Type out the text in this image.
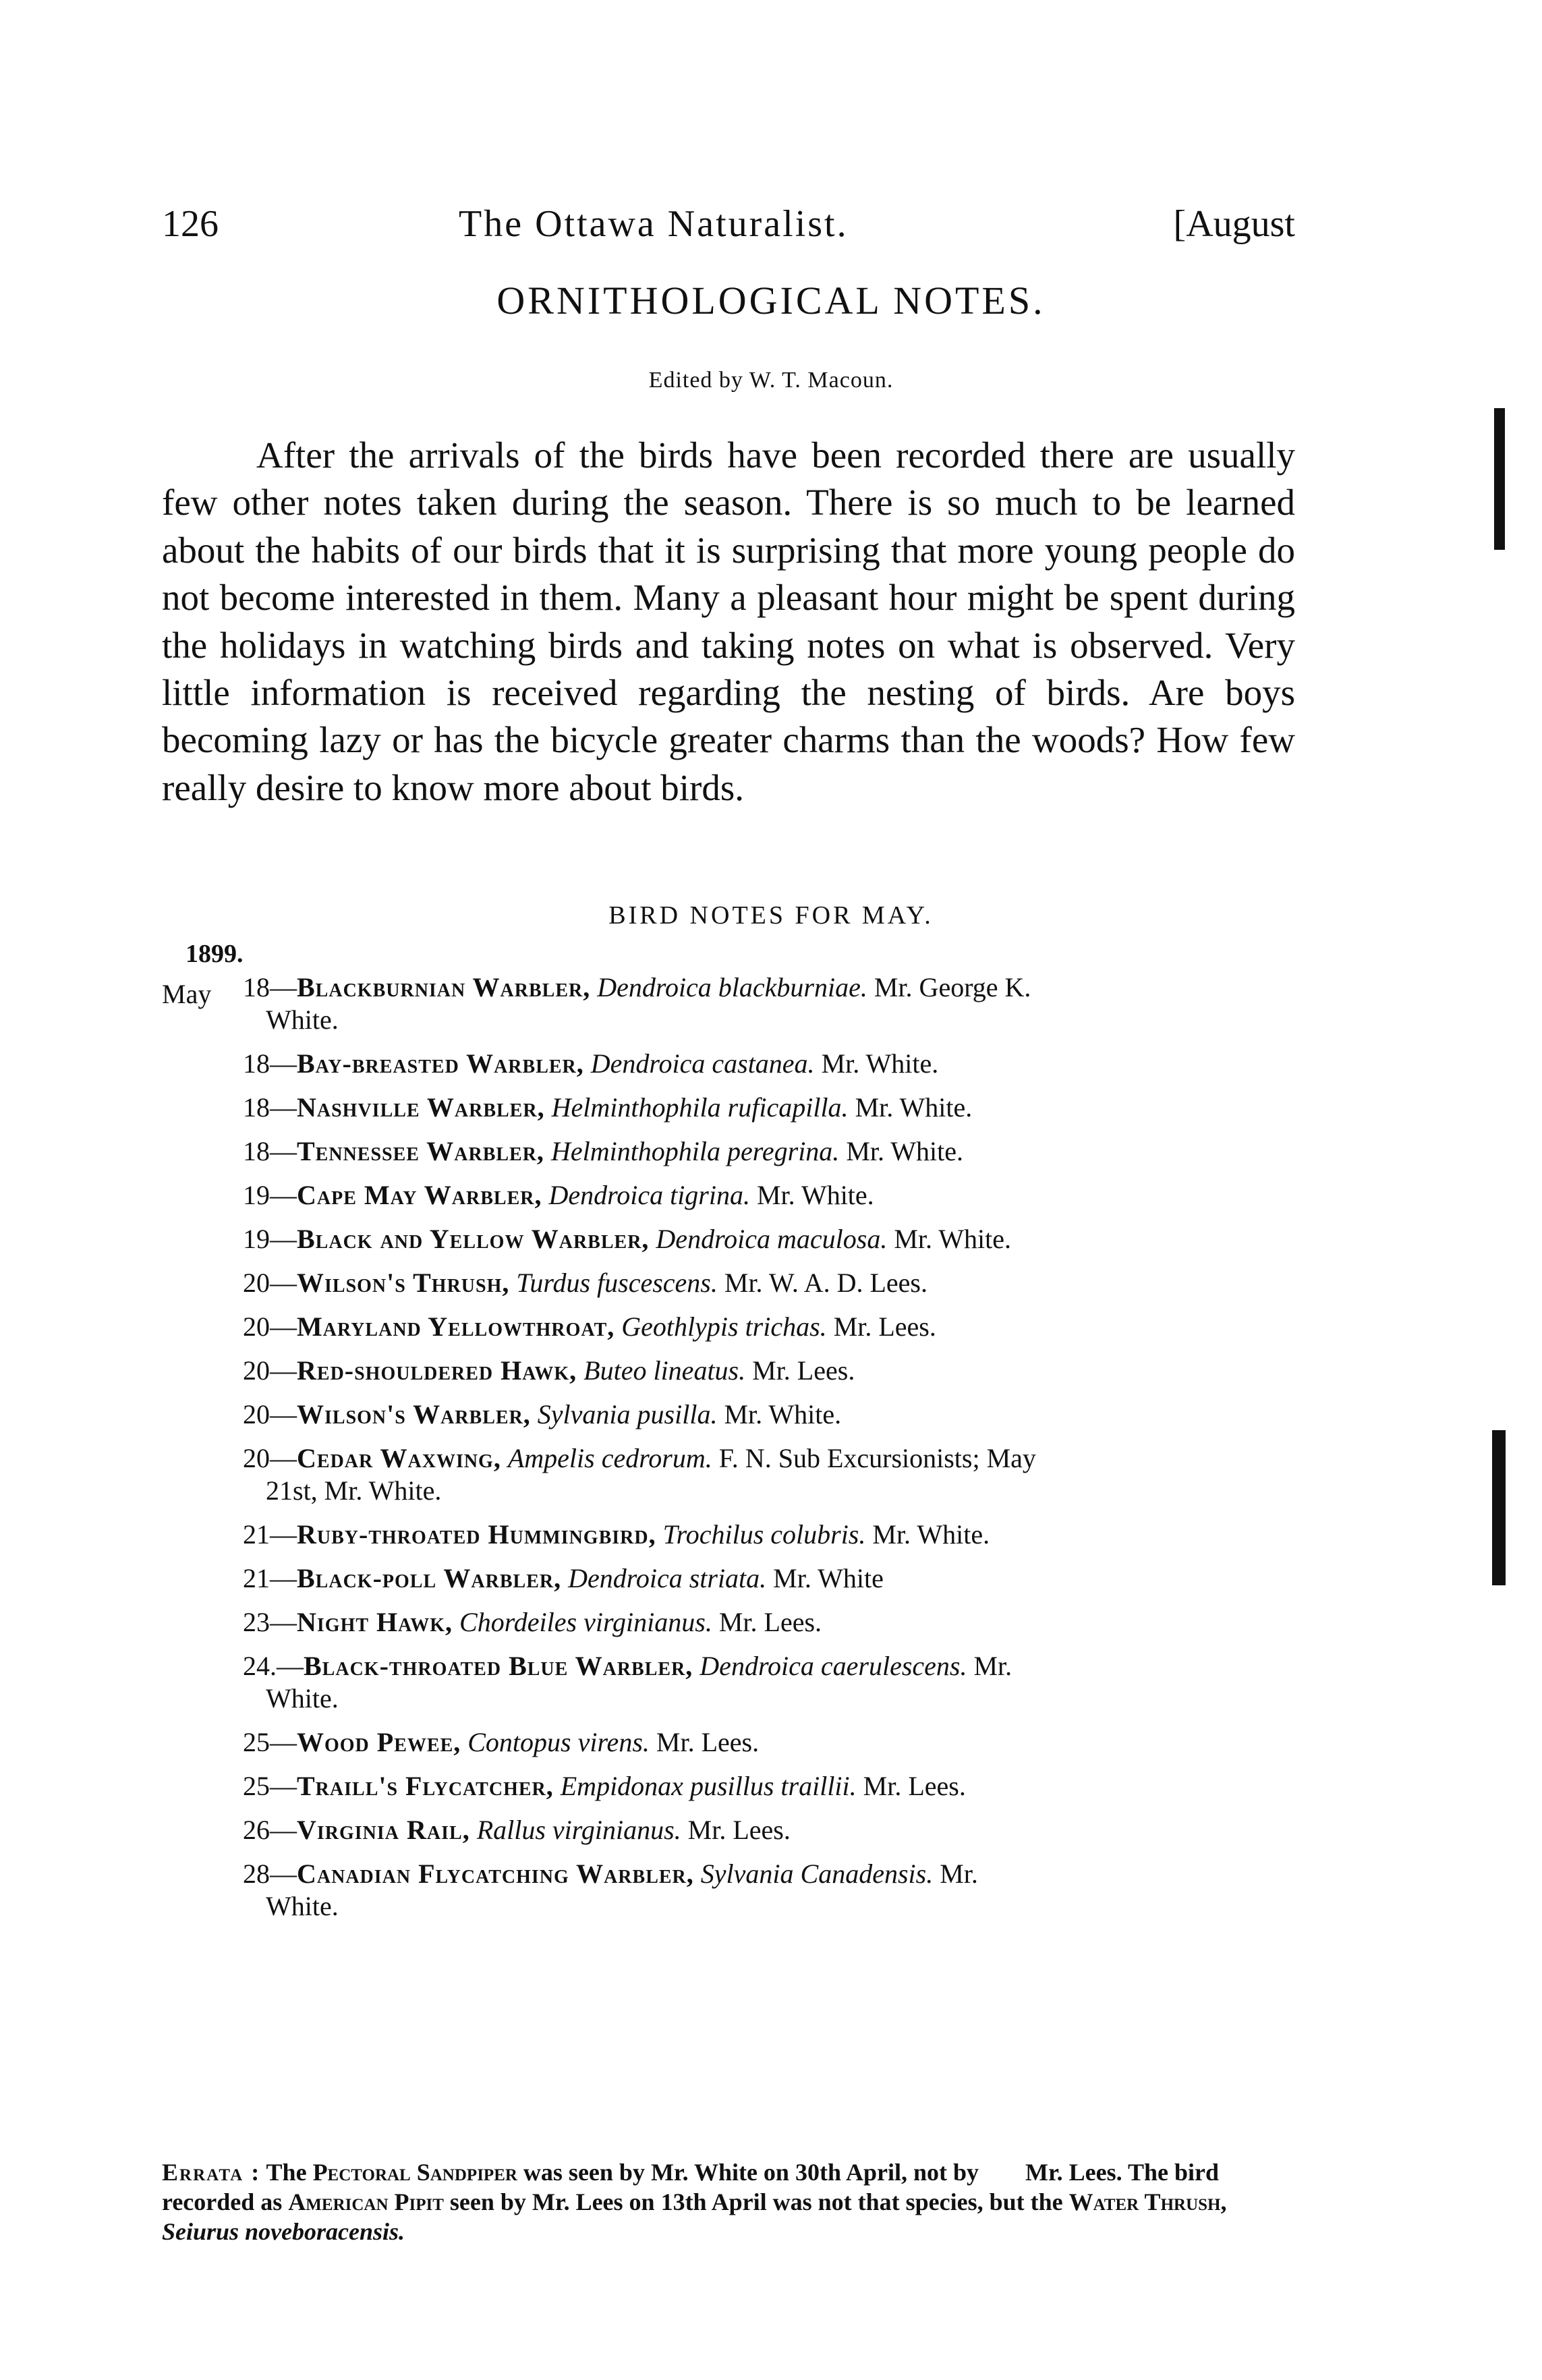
126	The Ottawa Naturalist.	[August
ORNITHOLOGICAL NOTES.
Edited by W. T. Macoun.

After the arrivals of the birds have been recorded there are usually few other notes taken during the season. There is so much to be learned about the habits of our birds that it is surprising that more young people do not become interested in them. Many a pleasant hour might be spent during the holidays in watching birds and taking notes on what is observed. Very little information is received regarding the nesting of birds. Are boys becoming lazy or has the bicycle greater charms than the woods? How few really desire to know more about birds.

BIRD NOTES FOR MAY.
1899.
May 18—Blackburnian Warbler, Dendroica blackburniae. Mr. George K.
White.
18—Bay-breasted Warbler, Dendroica castanea. Mr. White.
18—Nashville Warbler, Helminthophila ruficapilla. Mr. White.
18—Tennessee Warbler, Helminthophila peregrina. Mr. White.
19—Cape May Warbler, Dendroica tigrina. Mr. White.
19—Black and Yellow Warbler, Dendroica maculosa. Mr. White.
20—Wilson's Thrush, Turdus fuscescens. Mr. W. A. D. Lees.
20—Maryland Yellowthroat, Geothlypis trichas. Mr. Lees.
20—Red-shouldered Hawk, Buteo lineatus. Mr. Lees.
20—Wilson's Warbler, Sylvania pusilla. Mr. White.
20—Cedar Waxwing, Ampelis cedrorum. F. N. Sub Excursionists; May
21st, Mr. White.
21—Ruby-throated Hummingbird, Trochilus colubris. Mr. White.
21—Black-poll Warbler, Dendroica striata. Mr. White
23—Night Hawk, Chordeiles virginianus. Mr. Lees.
24.—Black-throated Blue Warbler, Dendroica caerulescens. Mr.
White.
25—Wood Pewee, Contopus virens. Mr. Lees.
25—Traill's Flycatcher, Empidonax pusillus traillii. Mr. Lees.
26—Virginia Rail, Rallus virginianus. Mr. Lees.
28—Canadian Flycatching Warbler, Sylvania Canadensis. Mr.
White.
Errata : The Pectoral Sandpiper was seen by Mr. White on 30th April, not by Mr. Lees. The bird recorded as American Pipit seen by Mr. Lees on 13th April was not that species, but the Water Thrush, Seiurus noveboracensis.
